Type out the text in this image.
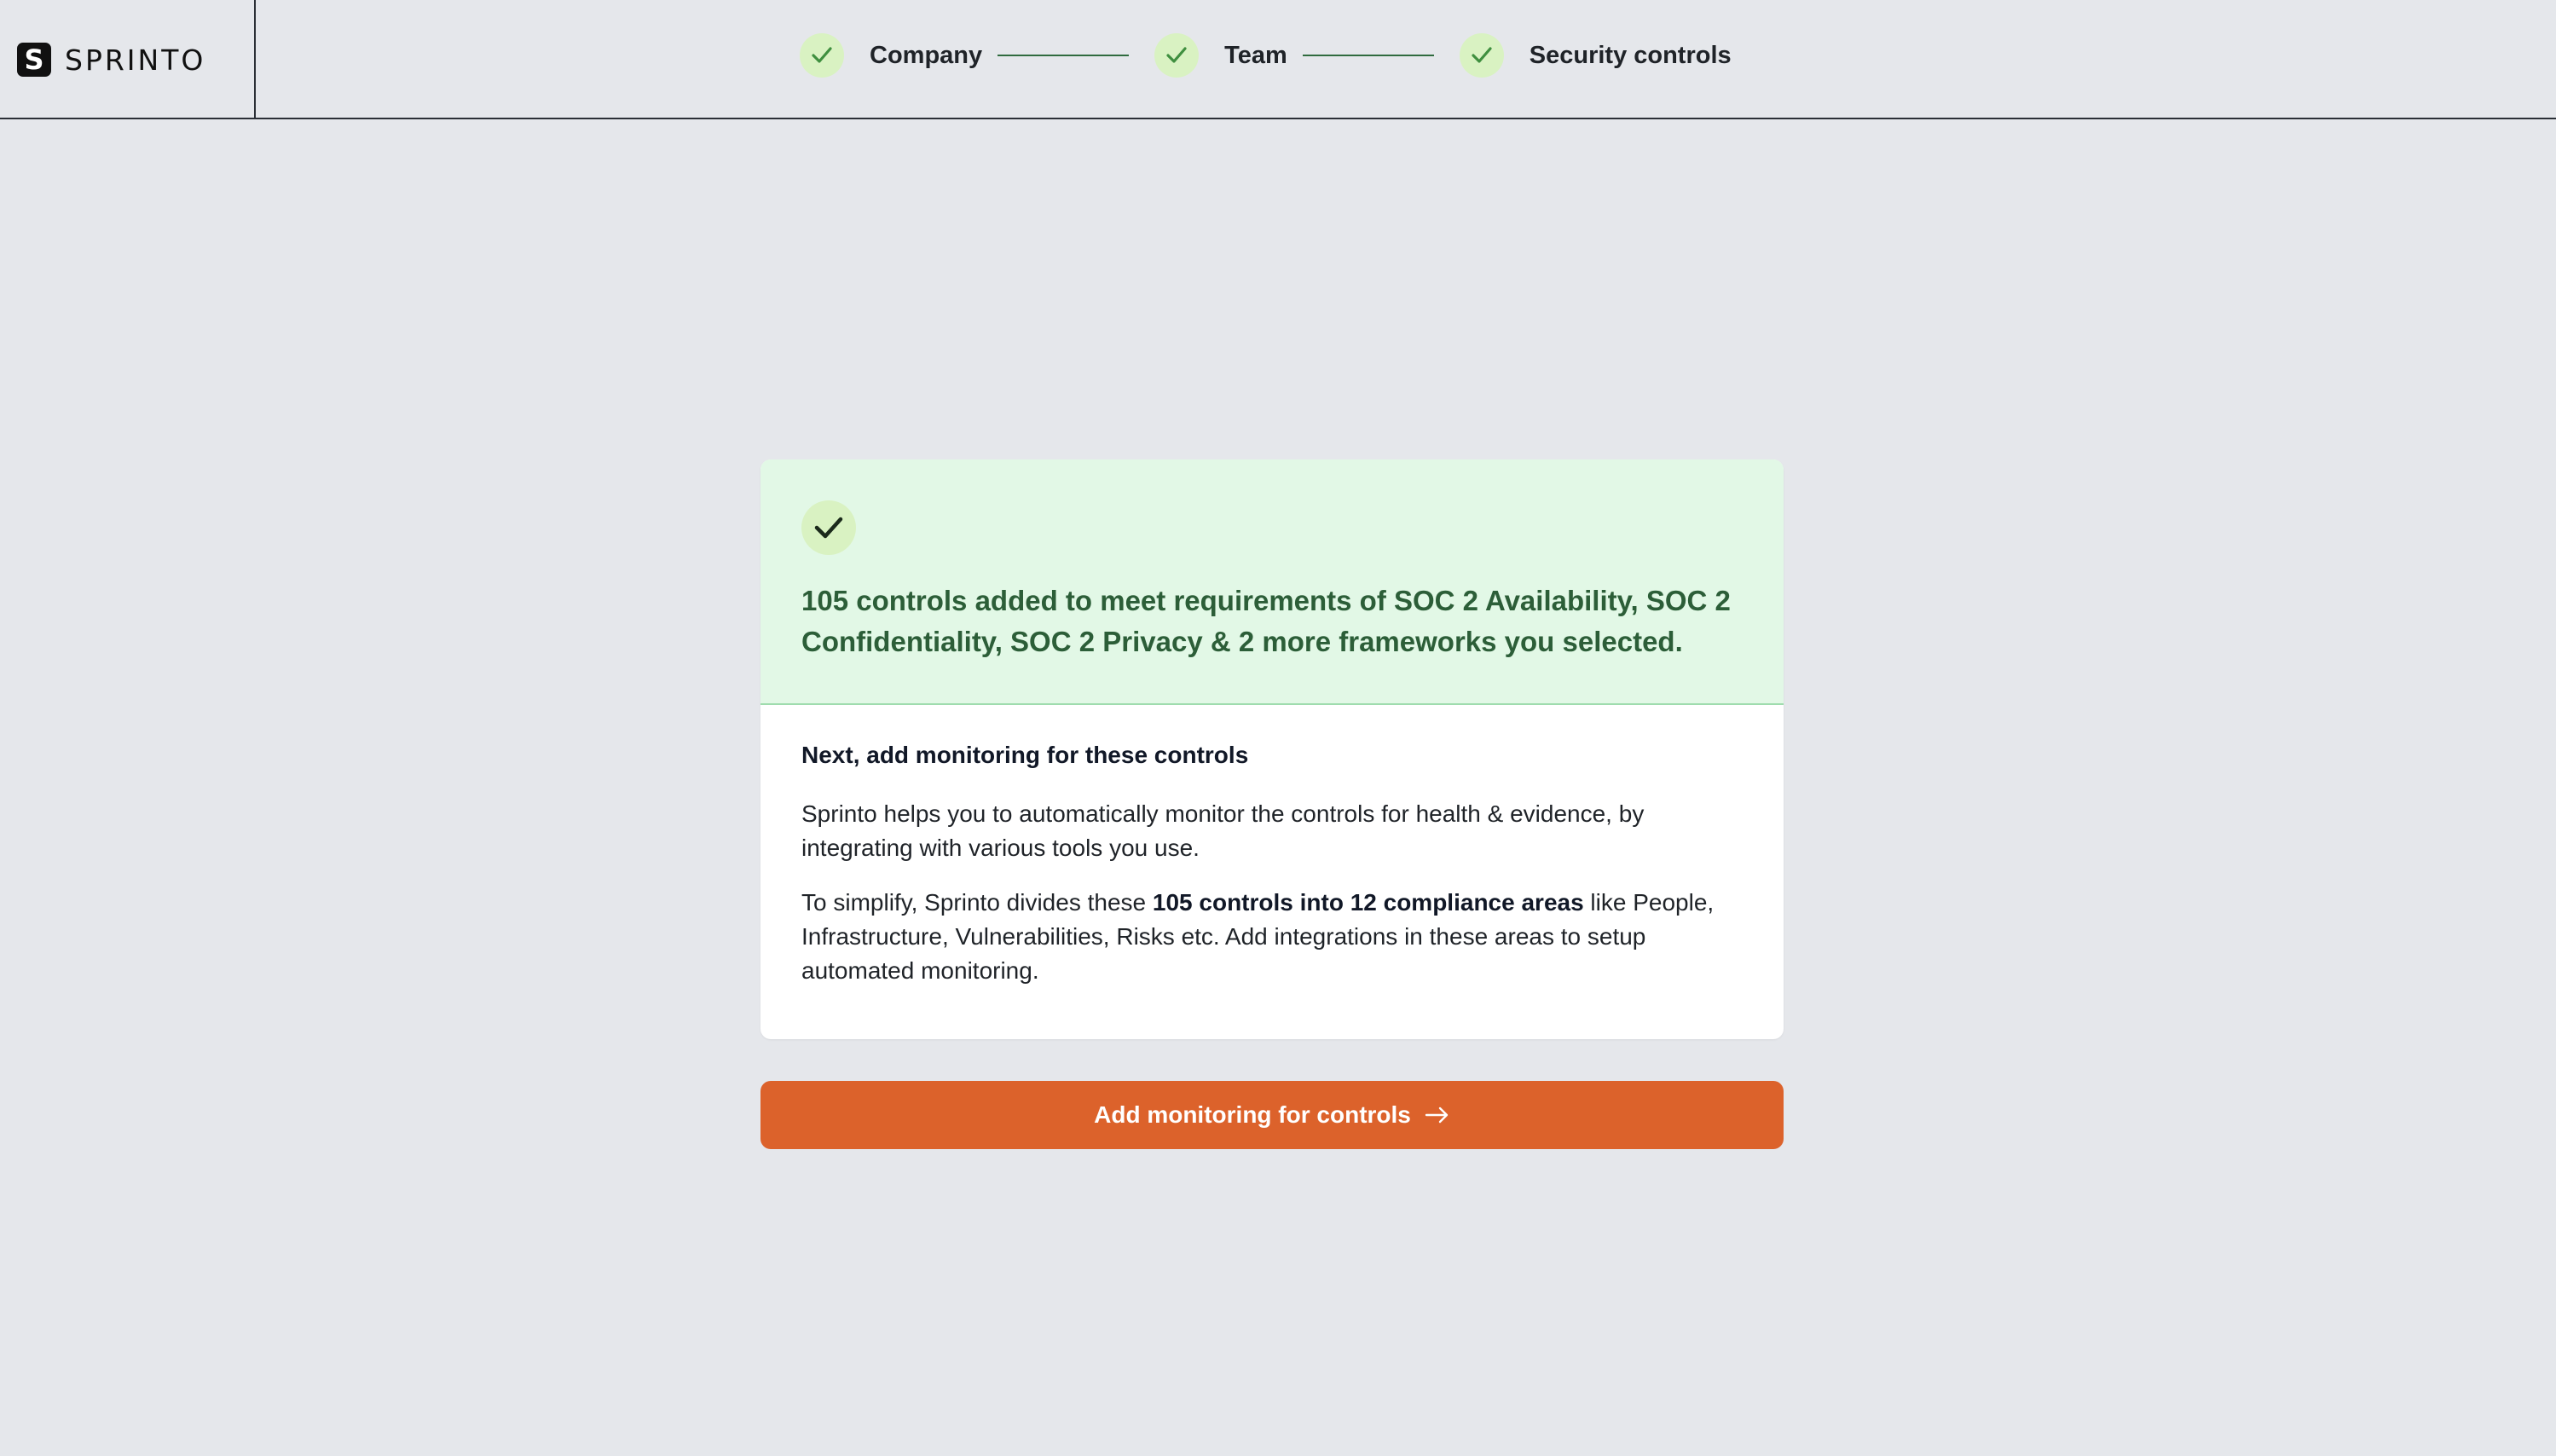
S SPRINTO	Company	Team	Security controls
105 controls added to meet requirements of SOC 2 Availability, SOC 2 Confidentiality, SOC 2 Privacy & 2 more frameworks you selected.
Next, add monitoring for these controls
Sprinto helps you to automatically monitor the controls for health & evidence, by integrating with various tools you use.
To simplify, Sprinto divides these 105 controls into 12 compliance areas like People, Infrastructure, Vulnerabilities, Risks etc. Add integrations in these areas to setup automated monitoring.
Add monitoring for controls
